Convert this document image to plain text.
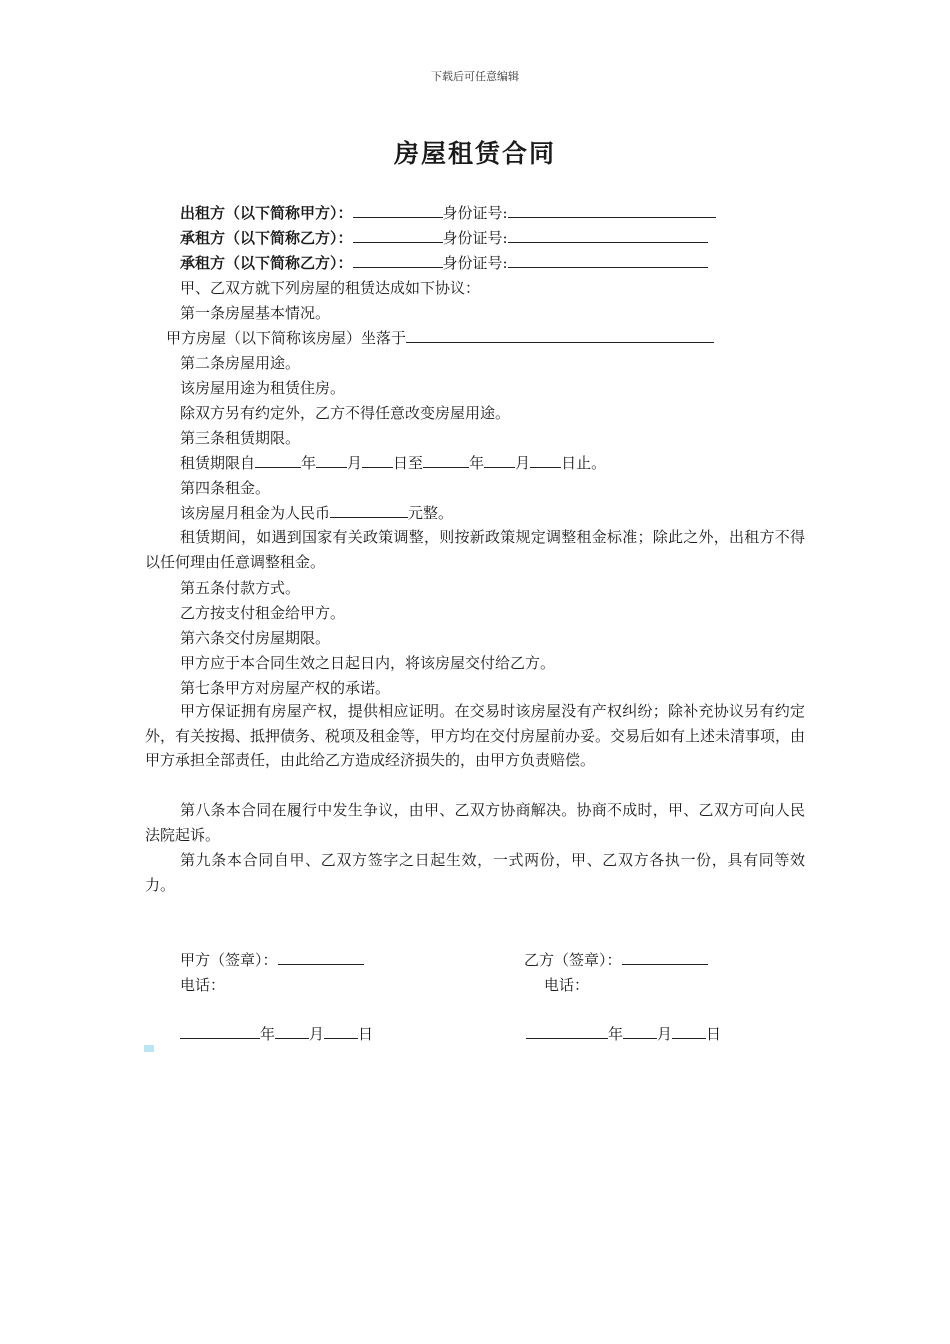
下载后可任意编辑
房屋租赁合同
出租方（以下简称甲方）：	身份证号:
承租方（以下简称乙方）：	身份证号:
承租方（以下简称乙方）：	身份证号:
甲、乙双方就下列房屋的租赁达成如下协议：
第一条房屋基本情况。
甲方房屋（以下简称该房屋）坐落于
第二条房屋用途。
该房屋用途为租赁住房。
除双方另有约定外，乙方不得任意改变房屋用途。
第三条租赁期限。
租赁期限自	年 月 日至	年 月 日止。
第四条租金。
该房屋月租金为人民币	元整。
租赁期间，如遇到国家有关政策调整，则按新政策规定调整租金标准；除此之外，出租方不得以任何理由任意调整租金。
第五条付款方式。
乙方按支付租金给甲方。
第六条交付房屋期限。
甲方应于本合同生效之日起日内，将该房屋交付给乙方。
第七条甲方对房屋产权的承诺。
甲方保证拥有房屋产权，提供相应证明。在交易时该房屋没有产权纠纷；除补充协议另有约定外，有关按揭、抵押债务、税项及租金等，甲方均在交付房屋前办妥。交易后如有上述未清事项，由甲方承担全部责任，由此给乙方造成经济损失的，由甲方负责赔偿。
第八条本合同在履行中发生争议，由甲、乙双方协商解决。协商不成时，甲、乙双方可向人民法院起诉。
第九条本合同自甲、乙双方签字之日起生效，一式两份，甲、乙双方各执一份，具有同等效力。
甲方（签章）：	乙方（签章）：
电话：	电话：
年 月 日	年 月 日
